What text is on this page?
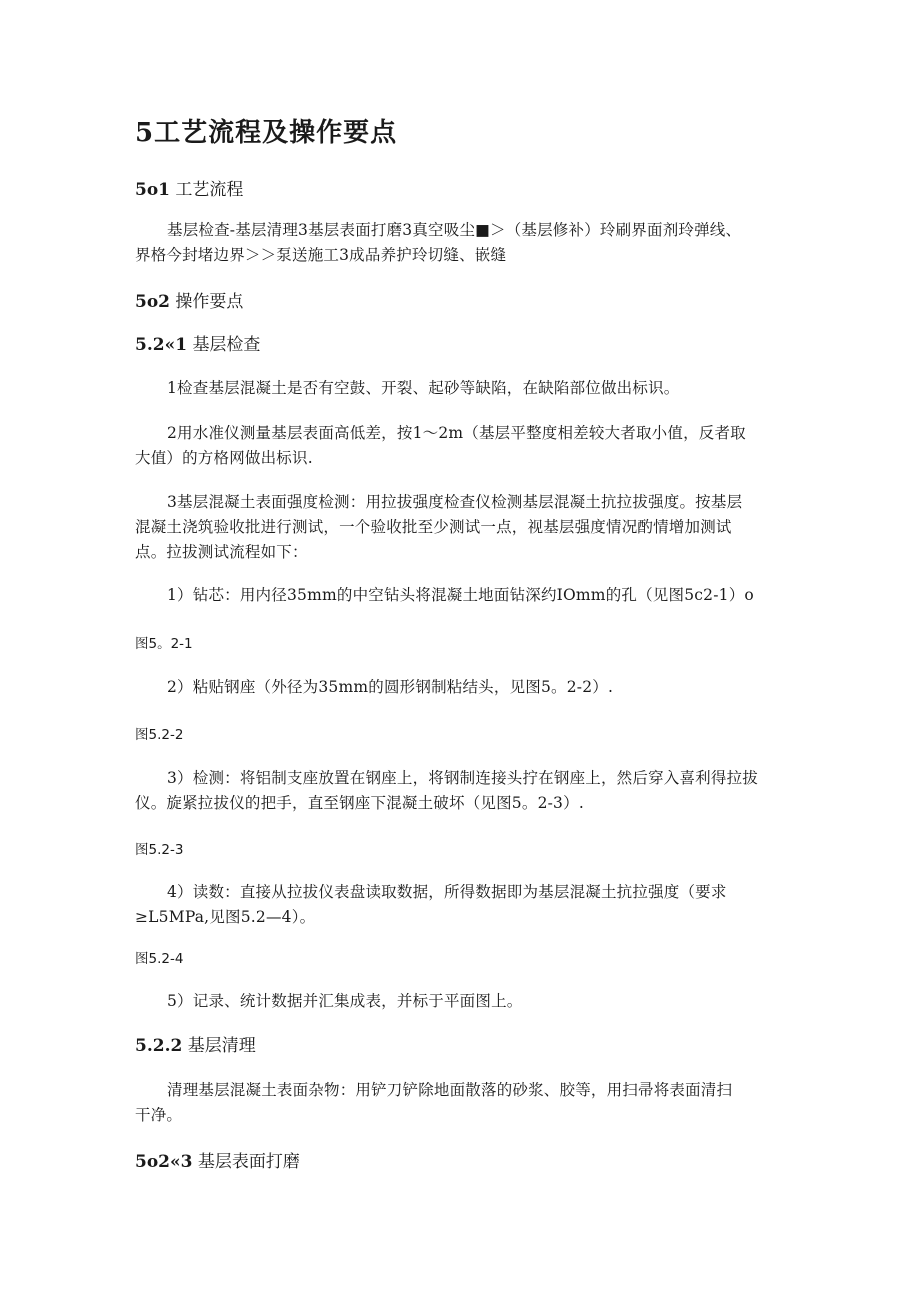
5工艺流程及操作要点
5o1 工艺流程

基层检查-基层清理3基层表面打磨3真空吸尘■＞（基层修补）玲刷界面剂玲弹线、

界格今封堵边界＞＞泵送施工3成品养护玲切缝、嵌缝

5o2 操作要点
5.2«1 基层检查

1检查基层混凝土是否有空鼓、开裂、起砂等缺陷，在缺陷部位做出标识。

2用水准仪测量基层表面高低差，按1～2m（基层平整度相差较大者取小值，反者取

大值）的方格网做出标识.

3基层混凝土表面强度检测：用拉拔强度检查仪检测基层混凝土抗拉拔强度。按基层

混凝土浇筑验收批进行测试，一个验收批至少测试一点，视基层强度情况酌情增加测试

点。拉拔测试流程如下：

1）钻芯：用内径35mm的中空钻头将混凝土地面钻深约IOmm的孔（见图5c2-1）o

图5。2-1

2）粘贴钢座（外径为35mm的圆形钢制粘结头，见图5。2-2）.

图5.2-2

3）检测：将铝制支座放置在钢座上，将钢制连接头拧在钢座上，然后穿入喜利得拉拔

仪。旋紧拉拔仪的把手，直至钢座下混凝土破坏（见图5。2-3）.

图5.2-3

4）读数：直接从拉拔仪表盘读取数据，所得数据即为基层混凝土抗拉强度（要求

≥L5MPa,见图5.2—4）。

图5.2-4

5）记录、统计数据并汇集成表，并标于平面图上。

5.2.2 基层清理

清理基层混凝土表面杂物：用铲刀铲除地面散落的砂浆、胶等，用扫帚将表面清扫

干净。

5o2«3 基层表面打磨
